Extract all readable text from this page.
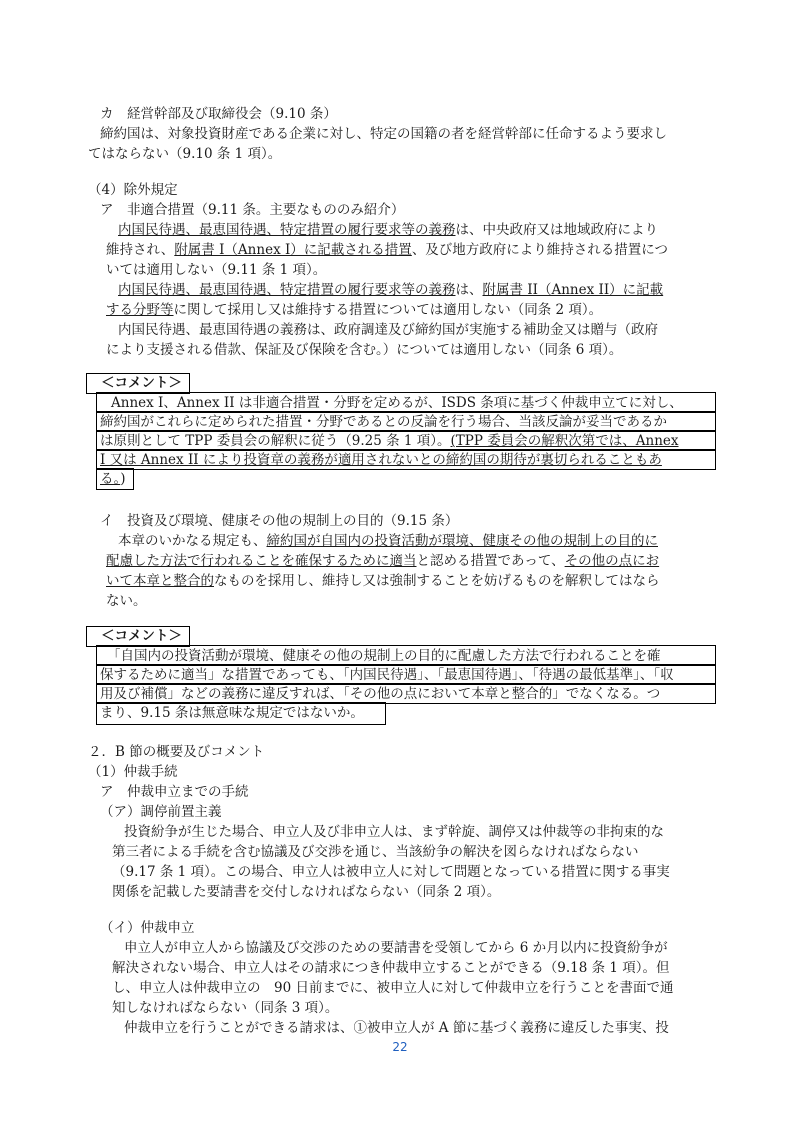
カ　経営幹部及び取締役会（9.10 条）
締約国は、対象投資財産である企業に対し、特定の国籍の者を経営幹部に任命するよう要求し
てはならない（9.10 条 1 項）。
（4）除外規定
ア　非適合措置（9.11 条。主要なもののみ紹介）
内国民待遇、最恵国待遇、特定措置の履行要求等の義務は、中央政府又は地域政府により
維持され、附属書 I（Annex I）に記載される措置、及び地方政府により維持される措置につ
いては適用しない（9.11 条 1 項）。
内国民待遇、最恵国待遇、特定措置の履行要求等の義務は、附属書 II（Annex II）に記載
する分野等に関して採用し又は維持する措置については適用しない（同条 2 項）。
内国民待遇、最恵国待遇の義務は、政府調達及び締約国が実施する補助金又は贈与（政府
により支援される借款、保証及び保険を含む。）については適用しない（同条 6 項）。
＜コメント＞
Annex I、Annex II は非適合措置・分野を定めるが、ISDS 条項に基づく仲裁申立てに対し、
締約国がこれらに定められた措置・分野であるとの反論を行う場合、当該反論が妥当であるか
は原則として TPP 委員会の解釈に従う（9.25 条 1 項）。(TPP 委員会の解釈次第では、Annex
I 又は Annex II により投資章の義務が適用されないとの締約国の期待が裏切られることもあ
る。)
イ　投資及び環境、健康その他の規制上の目的（9.15 条）
本章のいかなる規定も、締約国が自国内の投資活動が環境、健康その他の規制上の目的に
配慮した方法で行われることを確保するために適当と認める措置であって、その他の点にお
いて本章と整合的なものを採用し、維持し又は強制することを妨げるものを解釈してはなら
ない。
＜コメント＞
「自国内の投資活動が環境、健康その他の規制上の目的に配慮した方法で行われることを確
保するために適当」な措置であっても、「内国民待遇」、「最恵国待遇」、「待遇の最低基準」、「収
用及び補償」などの義務に違反すれば、「その他の点において本章と整合的」でなくなる。つ
まり、9.15 条は無意味な規定ではないか。
２．B 節の概要及びコメント
（1）仲裁手続
ア　仲裁申立までの手続
（ア）調停前置主義
投資紛争が生じた場合、申立人及び非申立人は、まず幹旋、調停又は仲裁等の非拘束的な
第三者による手続を含む協議及び交渉を通じ、当該紛争の解決を図らなければならない
（9.17 条 1 項）。この場合、申立人は被申立人に対して問題となっている措置に関する事実
関係を記載した要請書を交付しなければならない（同条 2 項）。
（イ）仲裁申立
申立人が申立人から協議及び交渉のための要請書を受領してから 6 か月以内に投資紛争が
解決されない場合、申立人はその請求につき仲裁申立することができる（9.18 条 1 項）。但
し、申立人は仲裁申立の　90 日前までに、被申立人に対して仲裁申立を行うことを書面で通
知しなければならない（同条 3 項）。
仲裁申立を行うことができる請求は、①被申立人が A 節に基づく義務に違反した事実、投
22
